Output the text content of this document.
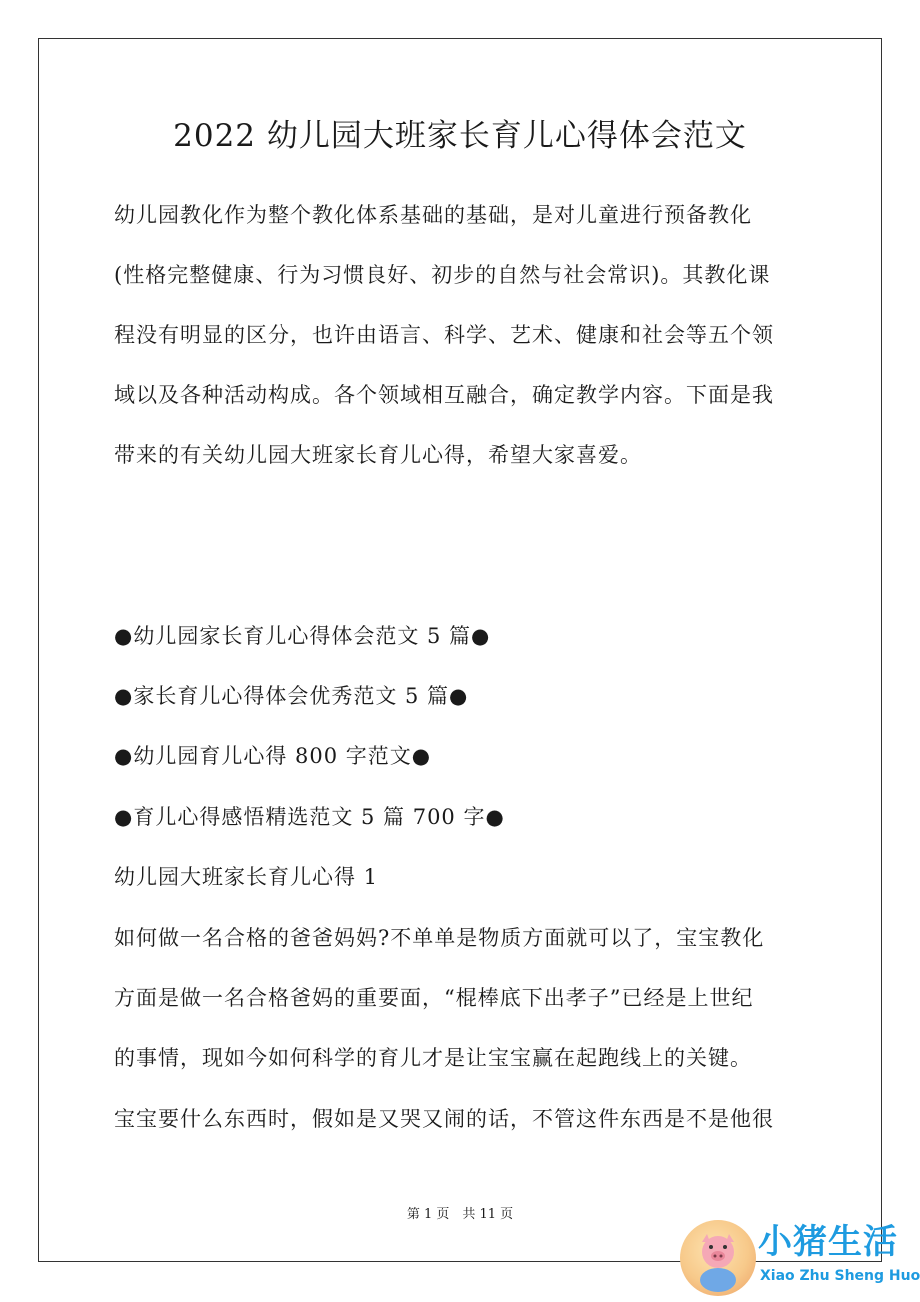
2022 幼儿园大班家长育儿心得体会范文

幼儿园教化作为整个教化体系基础的基础，是对儿童进行预备教化

(性格完整健康、行为习惯良好、初步的自然与社会常识)。其教化课

程没有明显的区分，也许由语言、科学、艺术、健康和社会等五个领

域以及各种活动构成。各个领域相互融合，确定教学内容。下面是我

带来的有关幼儿园大班家长育儿心得，希望大家喜爱。

●幼儿园家长育儿心得体会范文 5 篇●

●家长育儿心得体会优秀范文 5 篇●

●幼儿园育儿心得 800 字范文●

●育儿心得感悟精选范文 5 篇 700 字●

幼儿园大班家长育儿心得 1

如何做一名合格的爸爸妈妈?不单单是物质方面就可以了，宝宝教化

方面是做一名合格爸妈的重要面，“棍棒底下出孝子”已经是上世纪

的事情，现如今如何科学的育儿才是让宝宝赢在起跑线上的关键。

宝宝要什么东西时，假如是又哭又闹的话，不管这件东西是不是他很

第 1 页　共 11 页
小猪生活
Xiao Zhu Sheng Huo
